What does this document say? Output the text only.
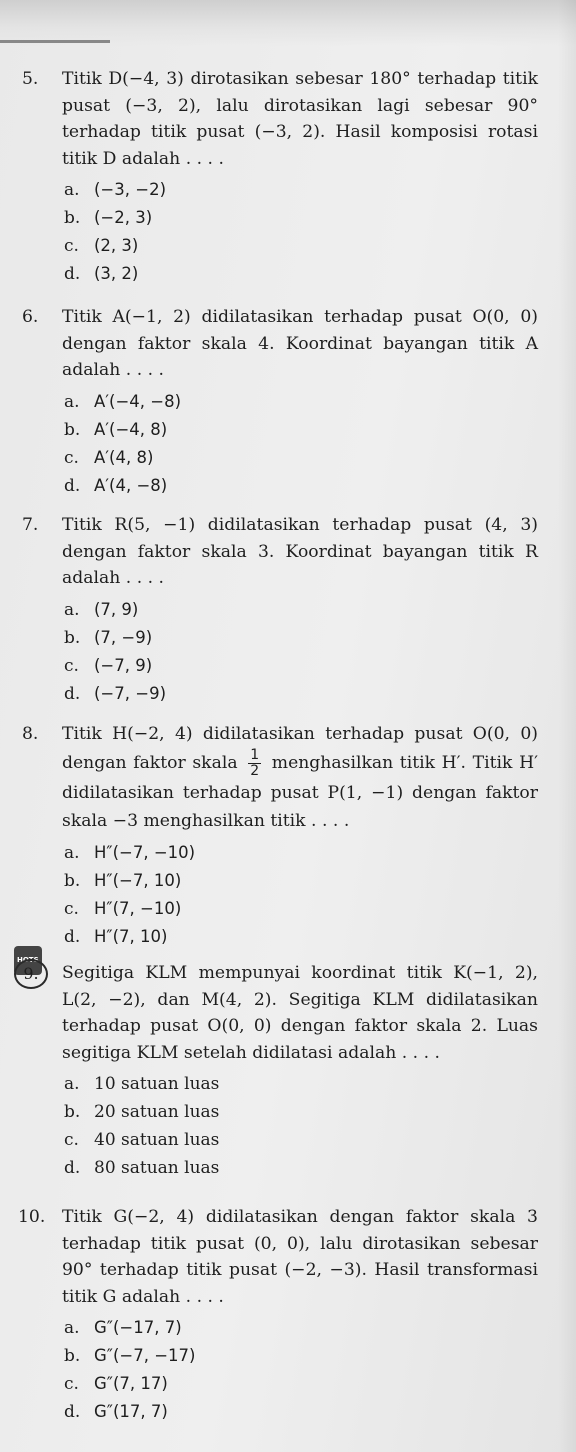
5. Titik D(−4, 3) dirotasikan sebesar 180° terhadap titik pusat (−3, 2), lalu dirotasikan lagi sebesar 90° terhadap titik pusat (−3, 2). Hasil komposisi rotasi titik D adalah . . . .
a. (−3, −2)
b. (−2, 3)
c. (2, 3)
d. (3, 2)
6. Titik A(−1, 2) didilatasikan terhadap pusat O(0, 0) dengan faktor skala 4. Koordinat bayangan titik A adalah . . . .
a. A′(−4, −8)
b. A′(−4, 8)
c. A′(4, 8)
d. A′(4, −8)
7. Titik R(5, −1) didilatasikan terhadap pusat (4, 3) dengan faktor skala 3. Koordinat bayangan titik R adalah . . . .
a. (7, 9)
b. (7, −9)
c. (−7, 9)
d. (−7, −9)
8. Titik H(−2, 4) didilatasikan terhadap pusat O(0, 0) dengan faktor skala $\frac{1}{2}$ menghasilkan titik H′. Titik H′ didilatasikan terhadap pusat P(1, −1) dengan faktor skala −3 menghasilkan titik . . . .
a. H″(−7, −10)
b. H″(−7, 10)
c. H″(7, −10)
d. H″(7, 10)
HOTS
9.	Segitiga KLM mempunyai koordinat titik K(−1, 2), L(2, −2), dan M(4, 2). Segitiga KLM didilatasikan terhadap pusat O(0, 0) dengan faktor skala 2. Luas segitiga KLM setelah didilatasi adalah . . . .
a. 10 satuan luas
b. 20 satuan luas
c. 40 satuan luas
d. 80 satuan luas
10. Titik G(−2, 4) didilatasikan dengan faktor skala 3 terhadap titik pusat (0, 0), lalu dirotasikan sebesar 90° terhadap titik pusat (−2, −3). Hasil transformasi titik G adalah . . . .
a. G″(−17, 7)
b. G″(−7, −17)
c. G″(7, 17)
d. G″(17, 7)
